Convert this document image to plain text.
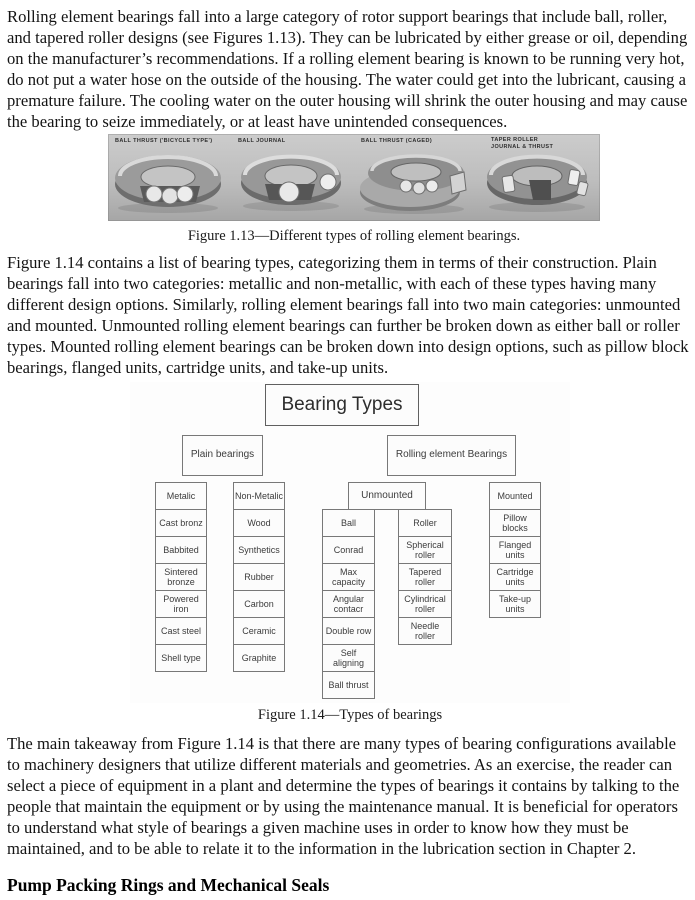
Rolling element bearings fall into a large category of rotor support bearings that include ball, roller, and tapered roller designs (see Figures 1.13). They can be lubricated by either grease or oil, depending on the manufacturer’s recommendations. If a rolling element bearing is known to be running very hot, do not put a water hose on the outside of the housing. The water could get into the lubricant, causing a premature failure. The cooling water on the outer housing will shrink the outer housing and may cause the bearing to seize immediately, or at least have unintended consequences.

BALL THRUST ('BICYCLE TYPE')	BALL JOURNAL	BALL THRUST (CAGED)	TAPER ROLLER JOURNAL & THRUST
Figure 1.13—Different types of rolling element bearings.

Figure 1.14 contains a list of bearing types, categorizing them in terms of their construction. Plain bearings fall into two categories: metallic and non-metallic, with each of these types having many different design options. Similarly, rolling element bearings fall into two main categories: unmounted and mounted. Unmounted rolling element bearings can further be broken down as either ball or roller types. Mounted rolling element bearings can be broken down into design options, such as pillow block bearings, flanged units, cartridge units, and take-up units.

Bearing Types
Plain bearings	Rolling element Bearings
Unmounted
Metalic
Cast bronz
Babbited
Sintered bronze
Powered iron
Cast steel
Shell type
Non-Metalic
Wood
Synthetics
Rubber
Carbon
Ceramic
Graphite
Ball
Conrad
Max capacity
Angular contacr
Double row
Self aligning
Ball thrust
Roller
Spherical roller
Tapered roller
Cylindrical roller
Needle roller
Mounted
Pillow blocks
Flanged units
Cartridge units
Take-up units
Figure 1.14—Types of bearings

The main takeaway from Figure 1.14 is that there are many types of bearing configurations available to machinery designers that utilize different materials and geometries. As an exercise, the reader can select a piece of equipment in a plant and determine the types of bearings it contains by talking to the people that maintain the equipment or by using the maintenance manual. It is beneficial for operators to understand what style of bearings a given machine uses in order to know how they must be maintained, and to be able to relate it to the information in the lubrication section in Chapter 2.

Pump Packing Rings and Mechanical Seals
